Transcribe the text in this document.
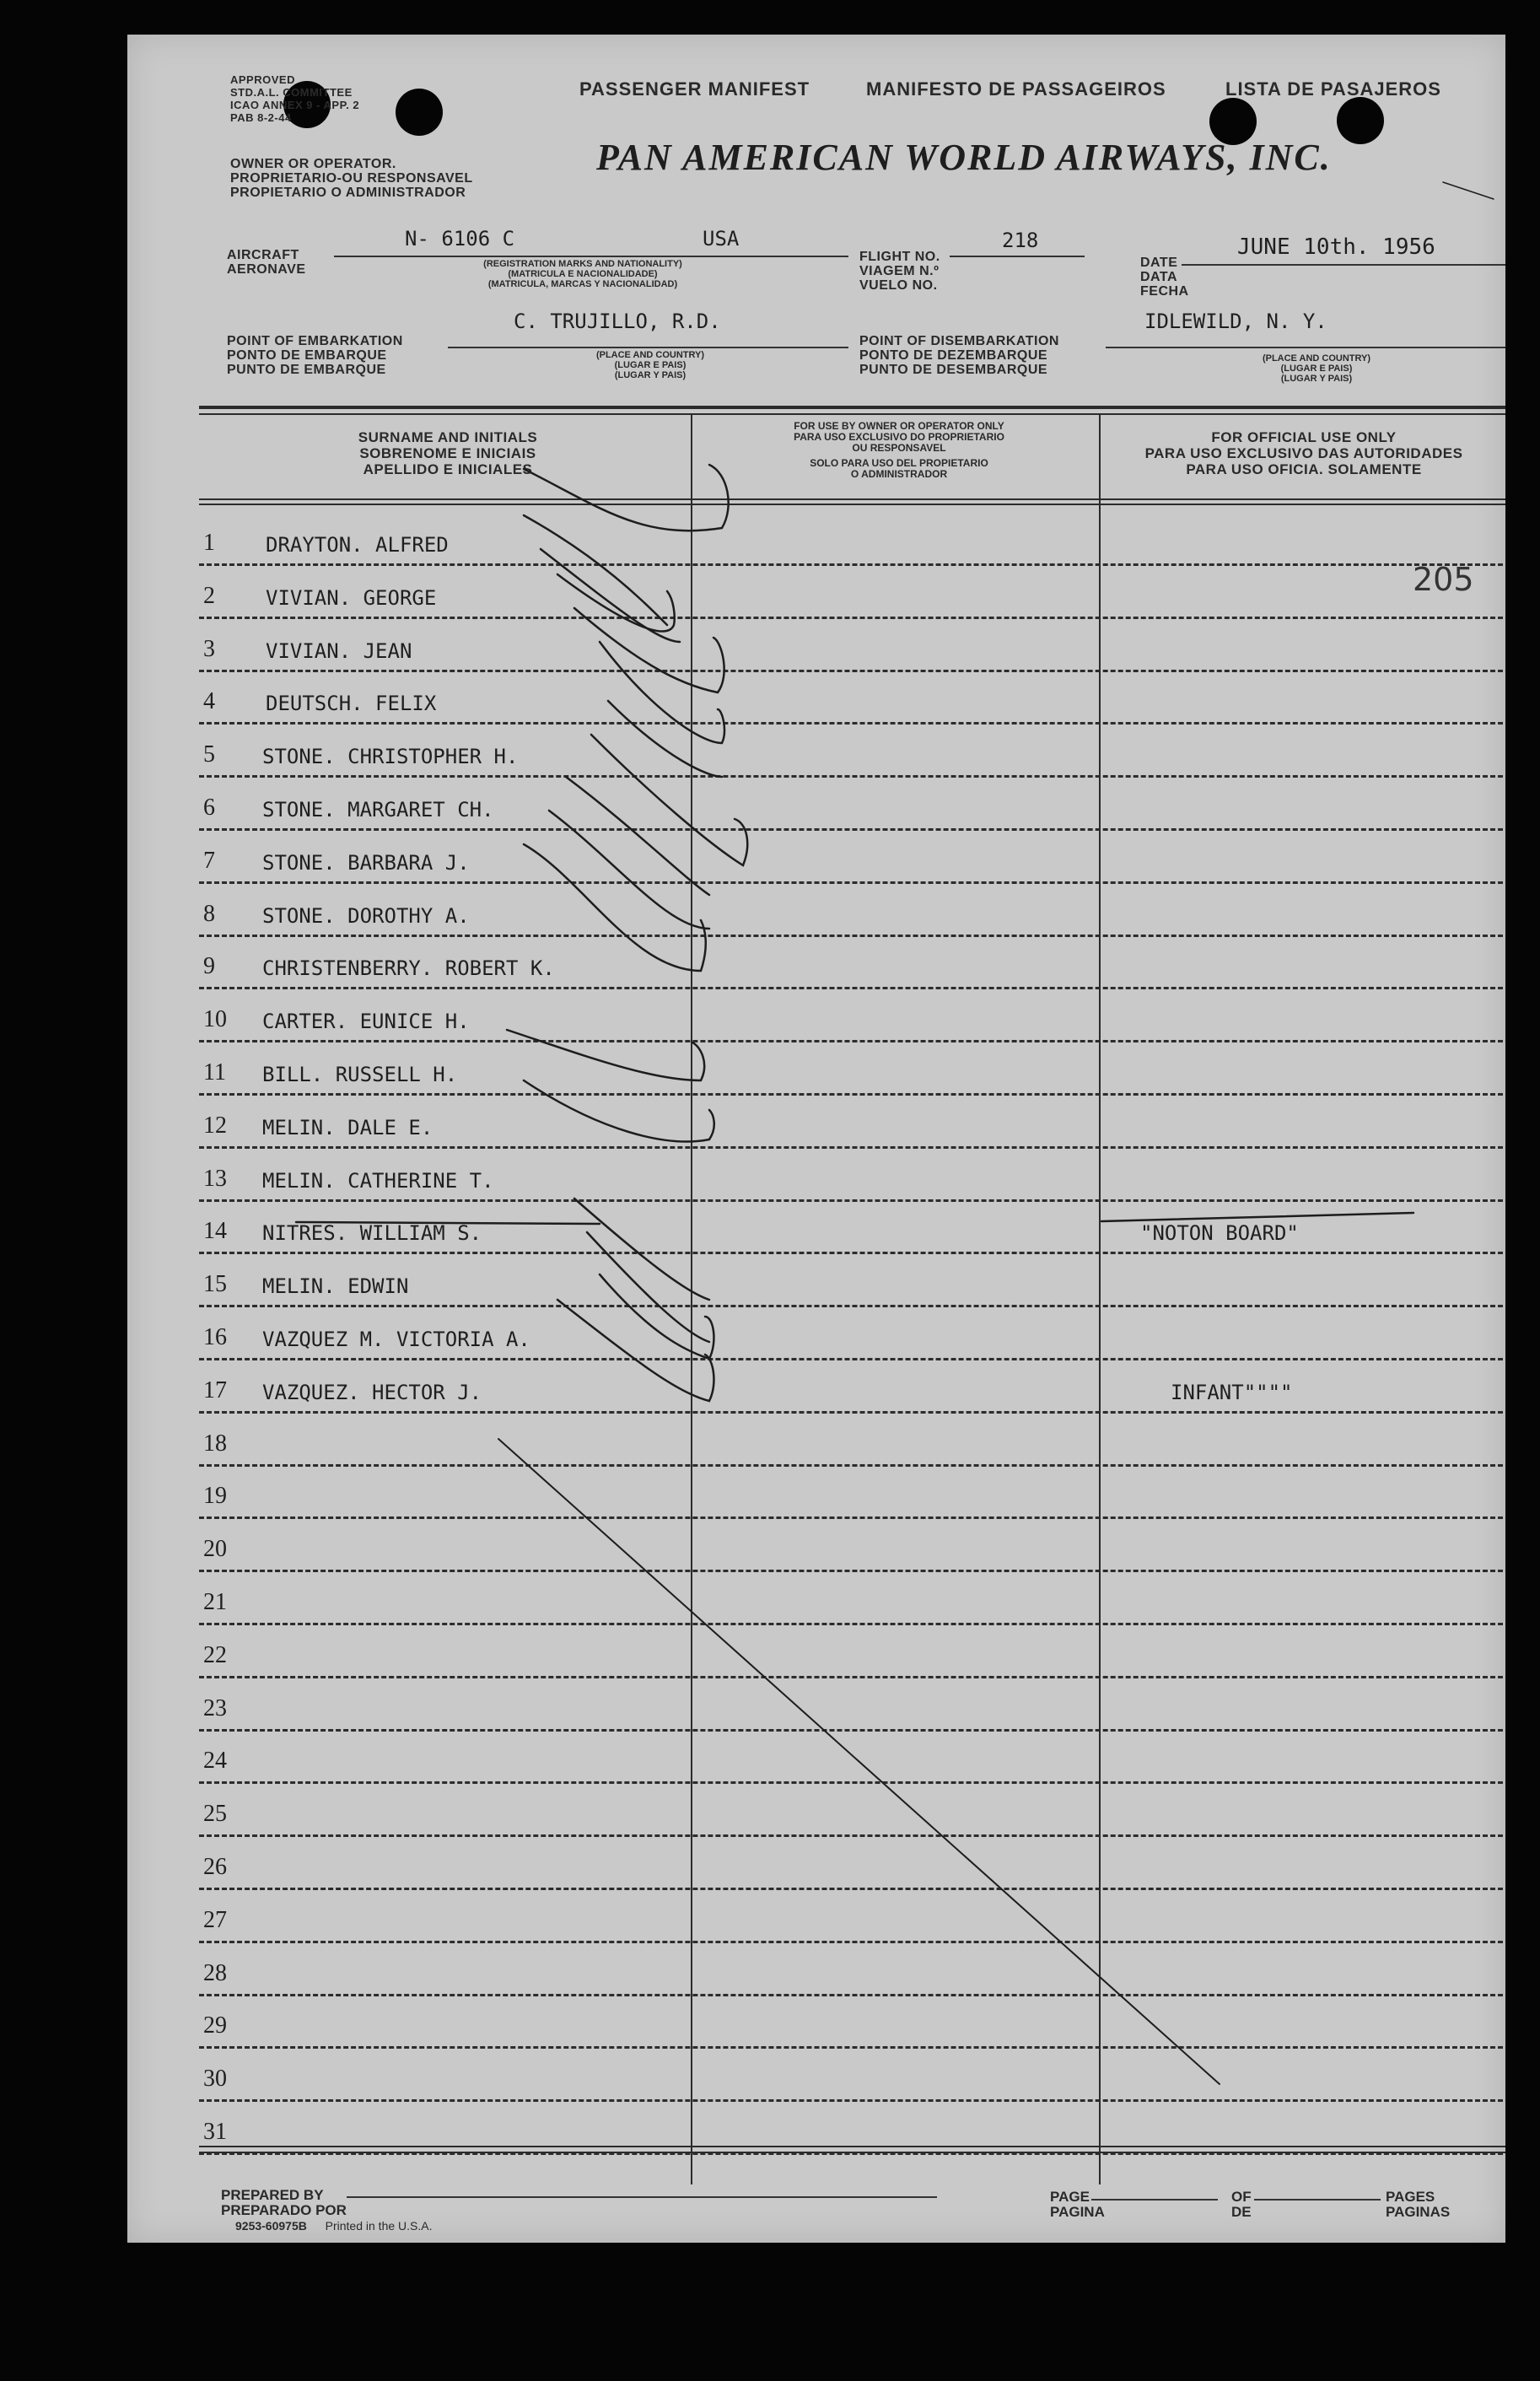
APPROVED
STD.A.L. COMMITTEE
ICAO ANNEX 9 - APP. 2
PAB 8-2-44
PASSENGER MANIFEST	MANIFESTO DE PASSAGEIROS	LISTA DE PASAJEROS
OWNER OR OPERATOR.
PROPRIETARIO-OU RESPONSAVEL
PROPIETARIO O ADMINISTRADOR
PAN AMERICAN WORLD AIRWAYS, INC.
AIRCRAFT
AERONAVE
N- 6106 C	USA
(REGISTRATION MARKS AND NATIONALITY)
(MATRICULA E NACIONALIDADE)
(MATRICULA, MARCAS Y NACIONALIDAD)
FLIGHT NO.
VIAGEM N.º
VUELO NO.
218
DATE
DATA
FECHA
JUNE 10th. 1956
POINT OF EMBARKATION
PONTO DE EMBARQUE
PUNTO DE EMBARQUE
C. TRUJILLO, R.D.
(PLACE AND COUNTRY)
(LUGAR E PAIS)
(LUGAR Y PAIS)
POINT OF DISEMBARKATION
PONTO DE DEZEMBARQUE
PUNTO DE DESEMBARQUE
IDLEWILD, N. Y.
(PLACE AND COUNTRY)
(LUGAR E PAIS)
(LUGAR Y PAIS)
SURNAME AND INITIALS
SOBRENOME E INICIAIS
APELLIDO E INICIALES
FOR USE BY OWNER OR OPERATOR ONLY
PARA USO EXCLUSIVO DO PROPRIETARIO
OU RESPONSAVEL
SOLO PARA USO DEL PROPIETARIO
O ADMINISTRADOR
FOR OFFICIAL USE ONLY
PARA USO EXCLUSIVO DAS AUTORIDADES
PARA USO OFICIA. SOLAMENTE
1	DRAYTON. ALFRED
2	VIVIAN. GEORGE
3	VIVIAN. JEAN
4	DEUTSCH. FELIX
5 STONE. CHRISTOPHER H.
6 STONE. MARGARET CH.
7 STONE. BARBARA J.
8 STONE. DOROTHY A.
9 CHRISTENBERRY. ROBERT K.
10 CARTER. EUNICE H.
11 BILL. RUSSELL H.
12 MELIN. DALE E.
13 MELIN. CATHERINE T.
14 NITRES. WILLIAM S.	"NOTON BOARD"
15 MELIN. EDWIN
16 VAZQUEZ M. VICTORIA A.
17 VAZQUEZ. HECTOR J.	INFANT""""
18
19
20
21
22
23
24
25
26
27
28
29
30
31
205
PREPARED BY
PREPARADO POR
9253-60975B Printed in the U.S.A.
PAGE
PAGINA
OF
DE
PAGES
PAGINAS
